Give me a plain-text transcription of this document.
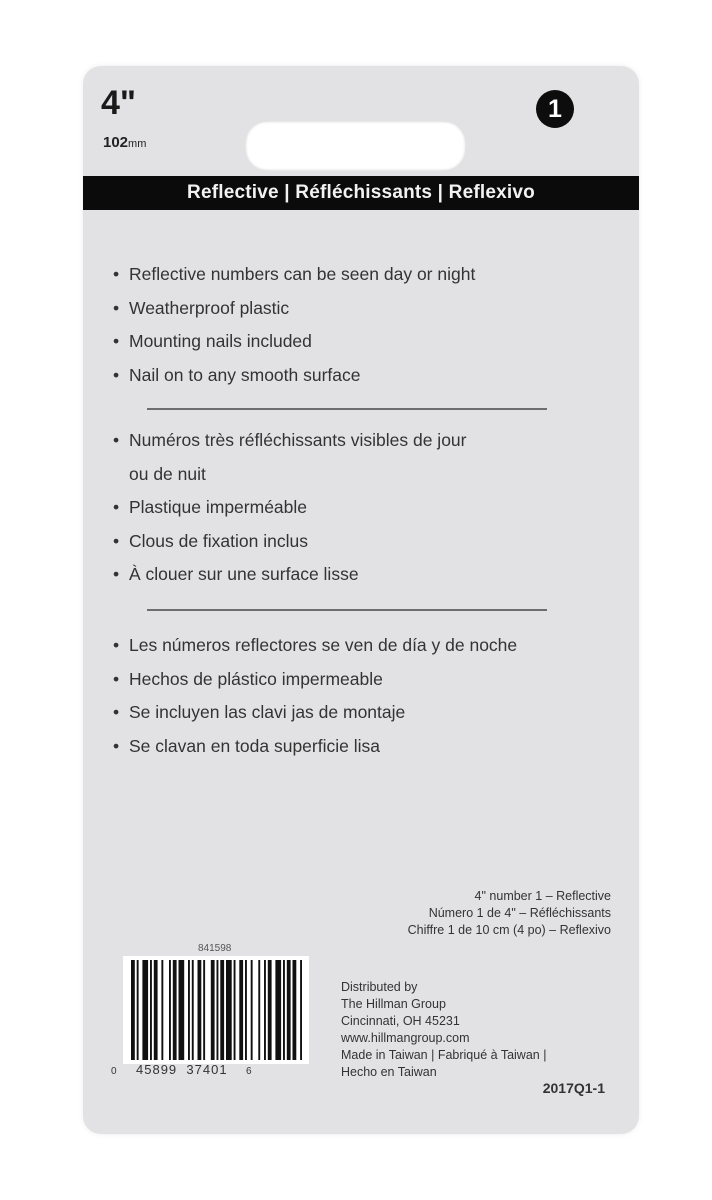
4"
102mm
1
Reflective | Réfléchissants | Reflexivo
• Reflective numbers can be seen day or night
• Weatherproof plastic
• Mounting nails included
• Nail on to any smooth surface
• Numéros très réfléchissants visibles de jour
ou de nuit
• Plastique imperméable
• Clous de fixation inclus
• À clouer sur une surface lisse
• Les números reflectores se ven de día y de noche
• Hechos de plástico impermeable
• Se incluyen las clavi jas de montaje
• Se clavan en toda superficie lisa
4" number 1 – Reflective
Número 1 de 4" – Réfléchissants
Chiffre 1 de 10 cm (4 po) – Reflexivo
841598
0 45899 37401 6
Distributed by
The Hillman Group
Cincinnati, OH 45231
www.hillmangroup.com
Made in Taiwan | Fabriqué à Taiwan |
Hecho en Taiwan
2017Q1-1
